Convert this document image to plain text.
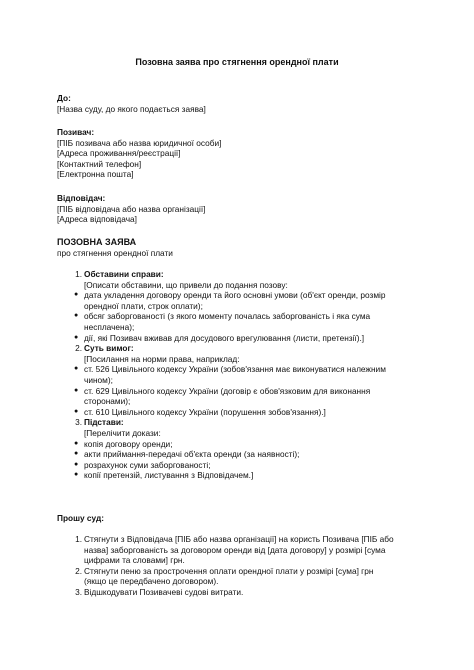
Позовна заява про стягнення орендної плати
До:
[Назва суду, до якого подається заява]
Позивач:
[ПІБ позивача або назва юридичної особи]
[Адреса проживання/реєстрації]
[Контактний телефон]
[Електронна пошта]
Відповідач:
[ПІБ відповідача або назва організації]
[Адреса відповідача]
ПОЗОВНА ЗАЯВА
про стягнення орендної плати
1. Обставини справи:
[Описати обставини, що привели до подання позову:
● дата укладення договору оренди та його основні умови (об'єкт оренди, розмір
орендної плати, строк оплати);
● обсяг заборгованості (з якого моменту почалась заборгованість і яка сума
несплачена);
● дії, які Позивач вживав для досудового врегулювання (листи, претензії).]
2. Суть вимог:
[Посилання на норми права, наприклад:
● ст. 526 Цивільного кодексу України (зобов'язання має виконуватися належним
чином);
● ст. 629 Цивільного кодексу України (договір є обов'язковим для виконання
сторонами);
● ст. 610 Цивільного кодексу України (порушення зобов'язання).]
3. Підстави:
[Перелічити докази:
● копія договору оренди;
● акти приймання-передачі об'єкта оренди (за наявності);
● розрахунок суми заборгованості;
● копії претензій, листування з Відповідачем.]
Прошу суд:
1. Стягнути з Відповідача [ПІБ або назва організації] на користь Позивача [ПІБ або
назва] заборгованість за договором оренди від [дата договору] у розмірі [сума
цифрами та словами] грн.
2. Стягнути пеню за прострочення оплати орендної плати у розмірі [сума] грн
(якщо це передбачено договором).
3. Відшкодувати Позивачеві судові витрати.
